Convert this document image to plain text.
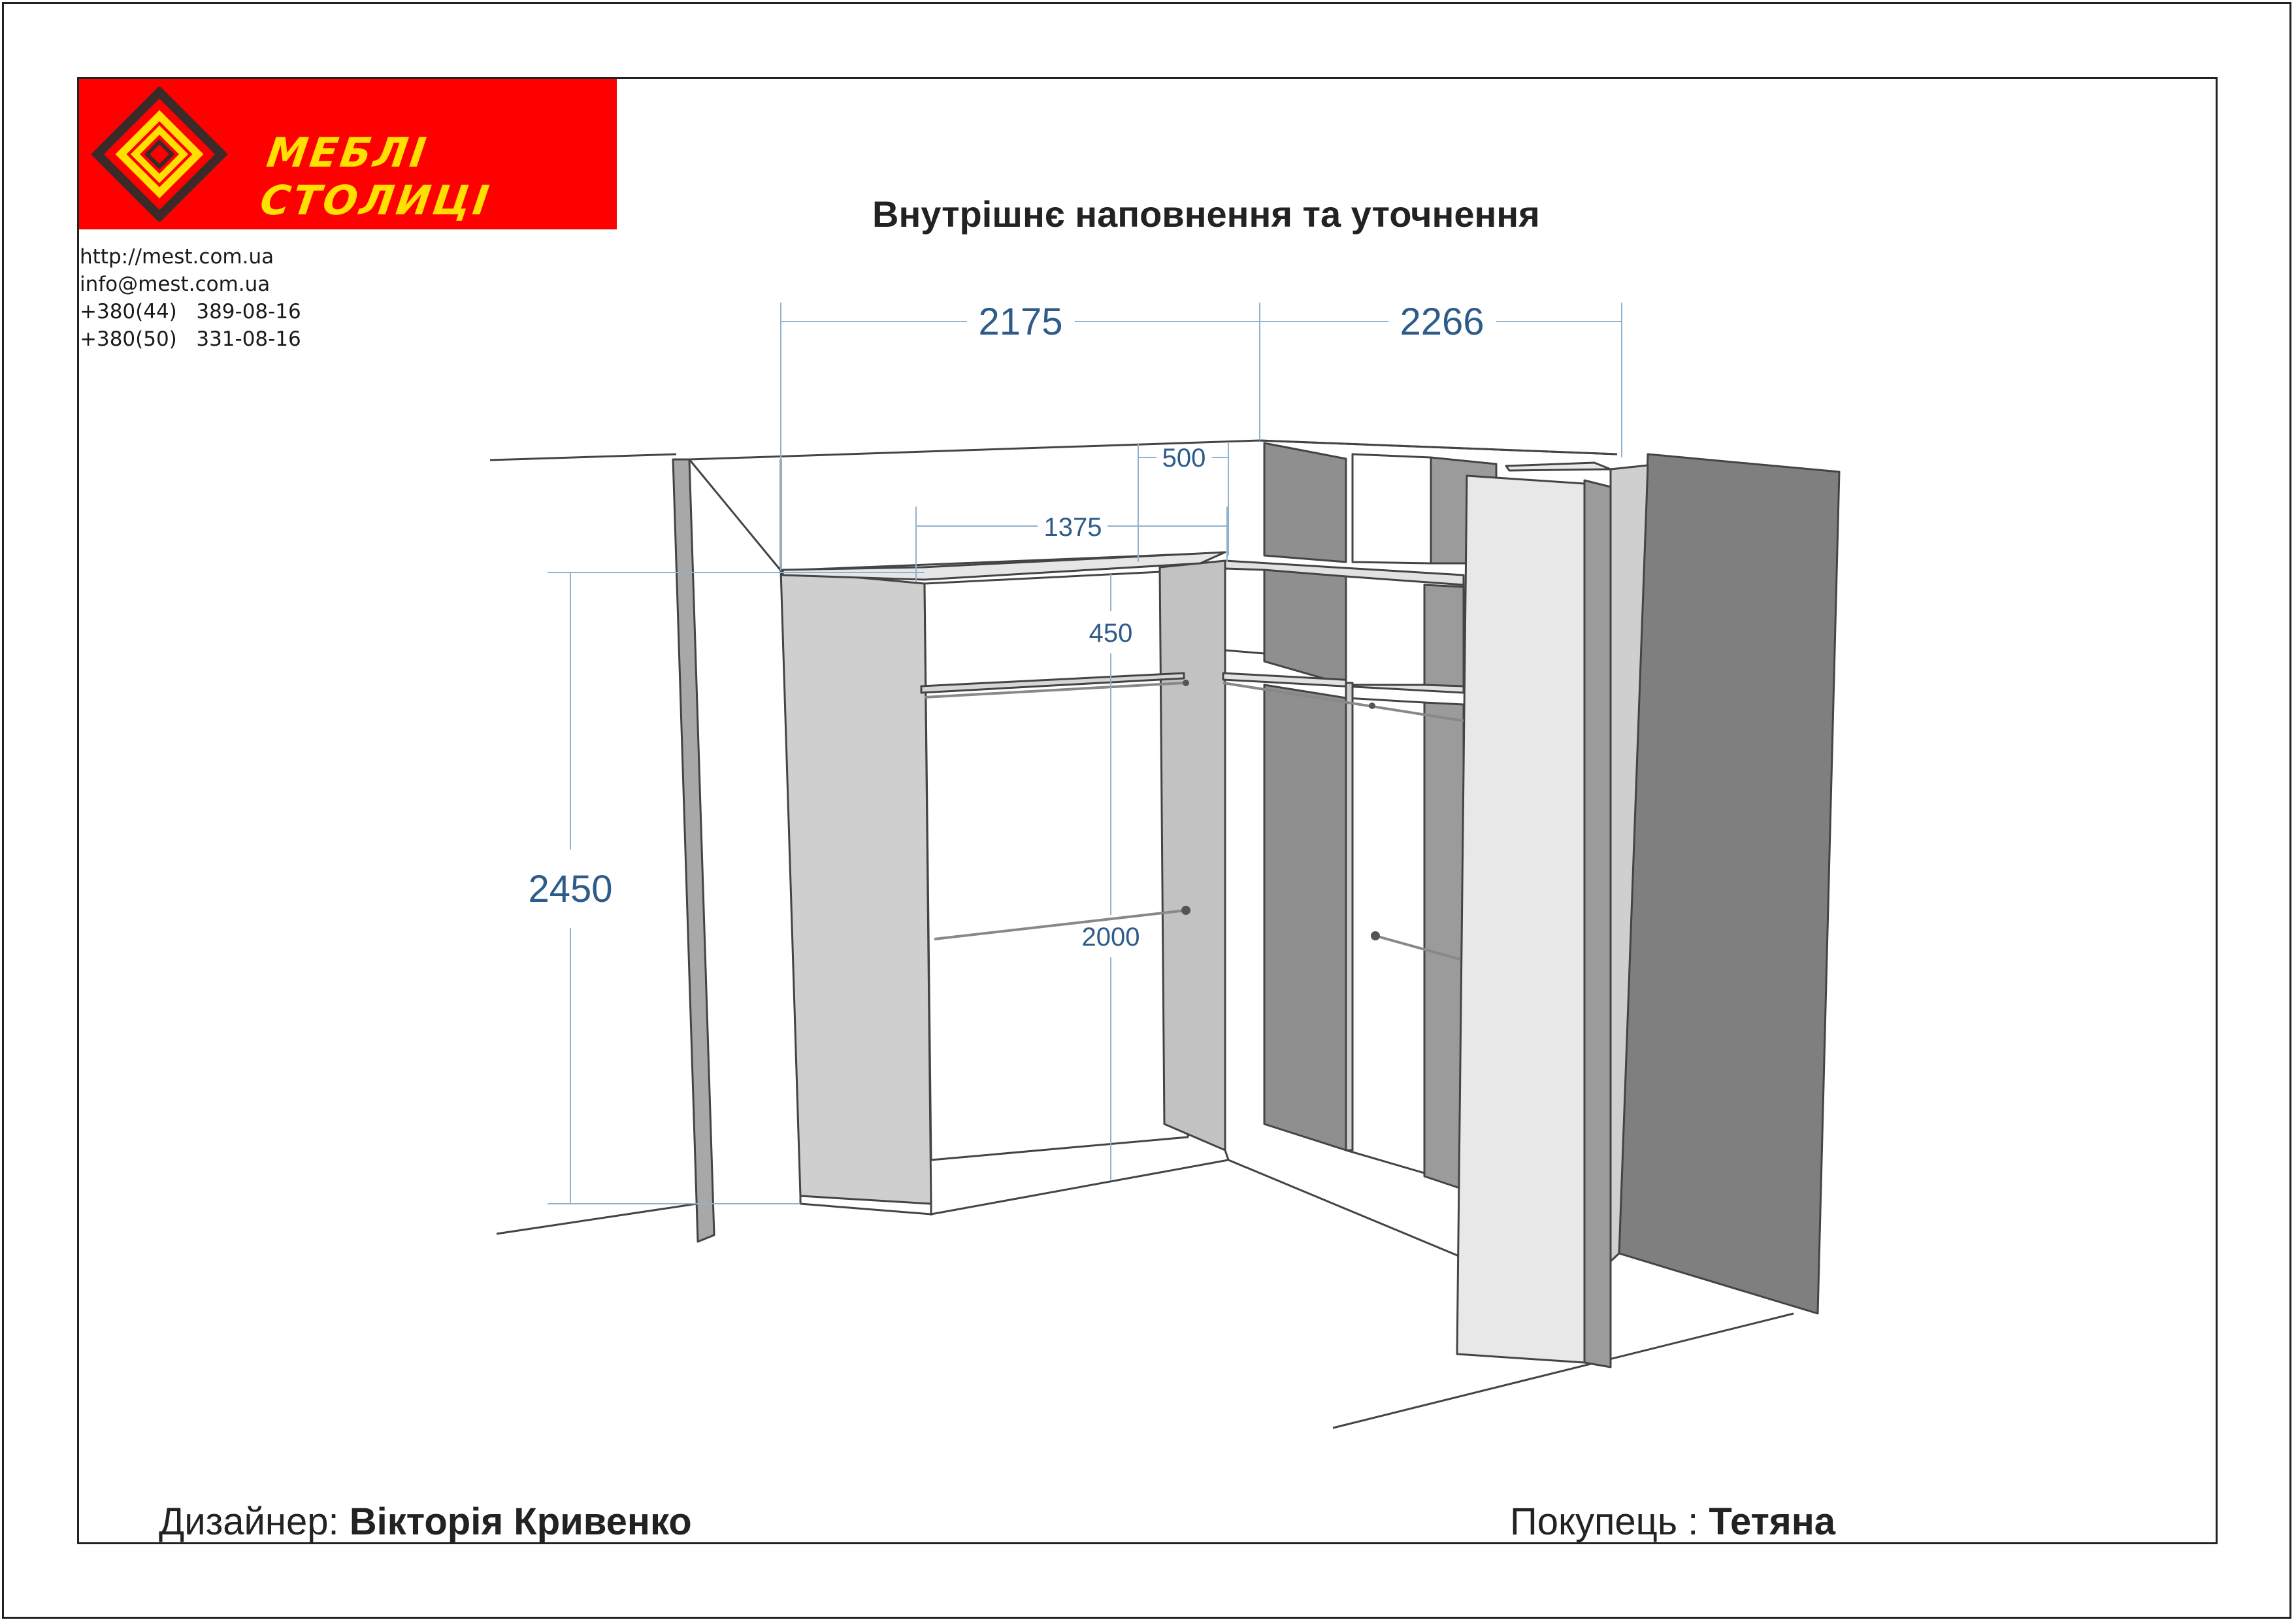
МЕБЛІ СТОЛИЦІ
http://mest.com.ua
info@mest.com.ua
+380(44)   389-08-16
+380(50)   331-08-16
Внутрішнє наповнення та уточнення
2175	2266
500
1375
450
2450
2000
Дизайнер: Вікторія Кривенко	Покупець : Тетяна
